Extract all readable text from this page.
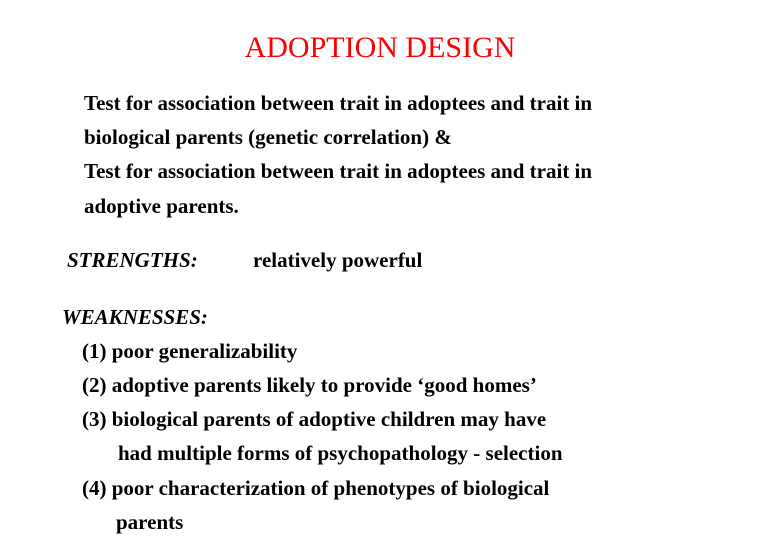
ADOPTION DESIGN
Test for association between trait in adoptees and trait in
biological parents (genetic correlation) &
Test for association between trait in adoptees and trait in
adoptive parents.
STRENGTHS:	relatively powerful
WEAKNESSES:
(1) poor generalizability
(2) adoptive parents likely to provide ‘good homes’
(3) biological parents of adoptive children may have
had multiple forms of psychopathology - selection
(4) poor characterization of phenotypes of biological
parents
